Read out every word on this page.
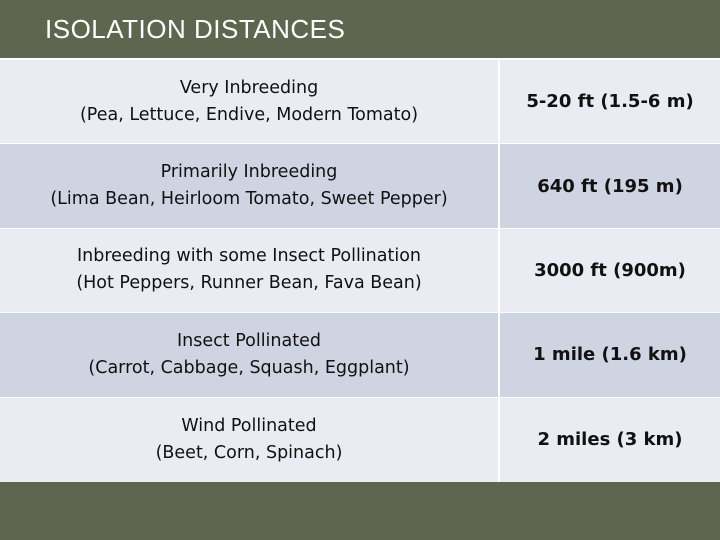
ISOLATION DISTANCES
Very Inbreeding
(Pea, Lettuce, Endive, Modern Tomato)
5-20 ft (1.5-6 m)
Primarily Inbreeding
(Lima Bean, Heirloom Tomato, Sweet Pepper)
640 ft (195 m)
Inbreeding with some Insect Pollination
(Hot Peppers, Runner Bean, Fava Bean)
3000 ft (900m)
Insect Pollinated
(Carrot, Cabbage, Squash, Eggplant)
1 mile (1.6 km)
Wind Pollinated
(Beet, Corn, Spinach)
2 miles (3 km)
